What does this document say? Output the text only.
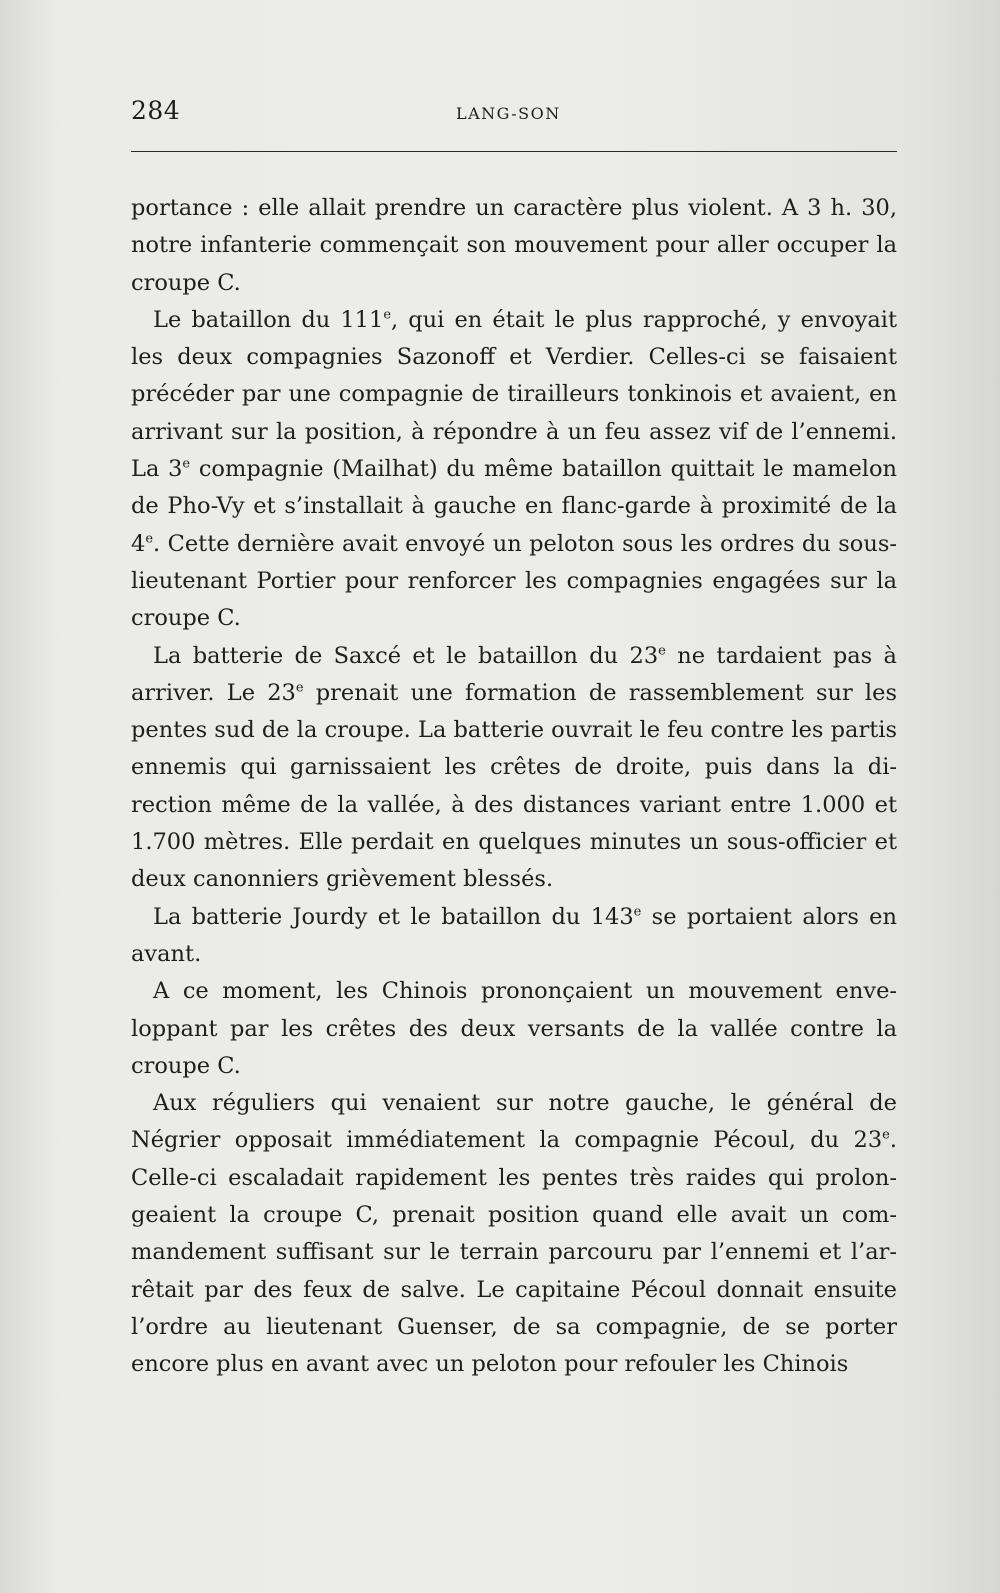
284	LANG-SON

portance : elle allait prendre un caractère plus violent. A 3 h. 30, notre infanterie commençait son mouvement pour aller occuper la croupe C.

Le bataillon du 111e, qui en était le plus rapproché, y envoyait les deux compagnies Sazonoff et Verdier. Celles-ci se faisaient précéder par une compagnie de tirailleurs tonkinois et avaient, en arrivant sur la position, à répondre à un feu assez vif de l’ennemi. La 3e compagnie (Mailhat) du même bataillon quittait le mamelon de Pho-Vy et s’installait à gauche en flanc-garde à proximité de la 4e. Cette dernière avait envoyé un peloton sous les ordres du sous-lieutenant Portier pour renforcer les compagnies engagées sur la croupe C.

La batterie de Saxcé et le bataillon du 23e ne tardaient pas à arriver. Le 23e prenait une formation de rassemblement sur les pentes sud de la croupe. La batterie ouvrait le feu contre les partis ennemis qui garnissaient les crêtes de droite, puis dans la direction même de la vallée, à des distances variant entre 1.000 et 1.700 mètres. Elle perdait en quelques minutes un sous-officier et deux canonniers grièvement blessés.

La batterie Jourdy et le bataillon du 143e se portaient alors en avant.

A ce moment, les Chinois prononçaient un mouvement enveloppant par les crêtes des deux versants de la vallée contre la croupe C.

Aux réguliers qui venaient sur notre gauche, le général de Négrier opposait immédiatement la compagnie Pécoul, du 23e. Celle-ci escaladait rapidement les pentes très raides qui prolongeaient la croupe C, prenait position quand elle avait un commandement suffisant sur le terrain parcouru par l’ennemi et l’arrêtait par des feux de salve. Le capitaine Pécoul donnait ensuite l’ordre au lieutenant Guenser, de sa compagnie, de se porter encore plus en avant avec un peloton pour refouler les Chinois
